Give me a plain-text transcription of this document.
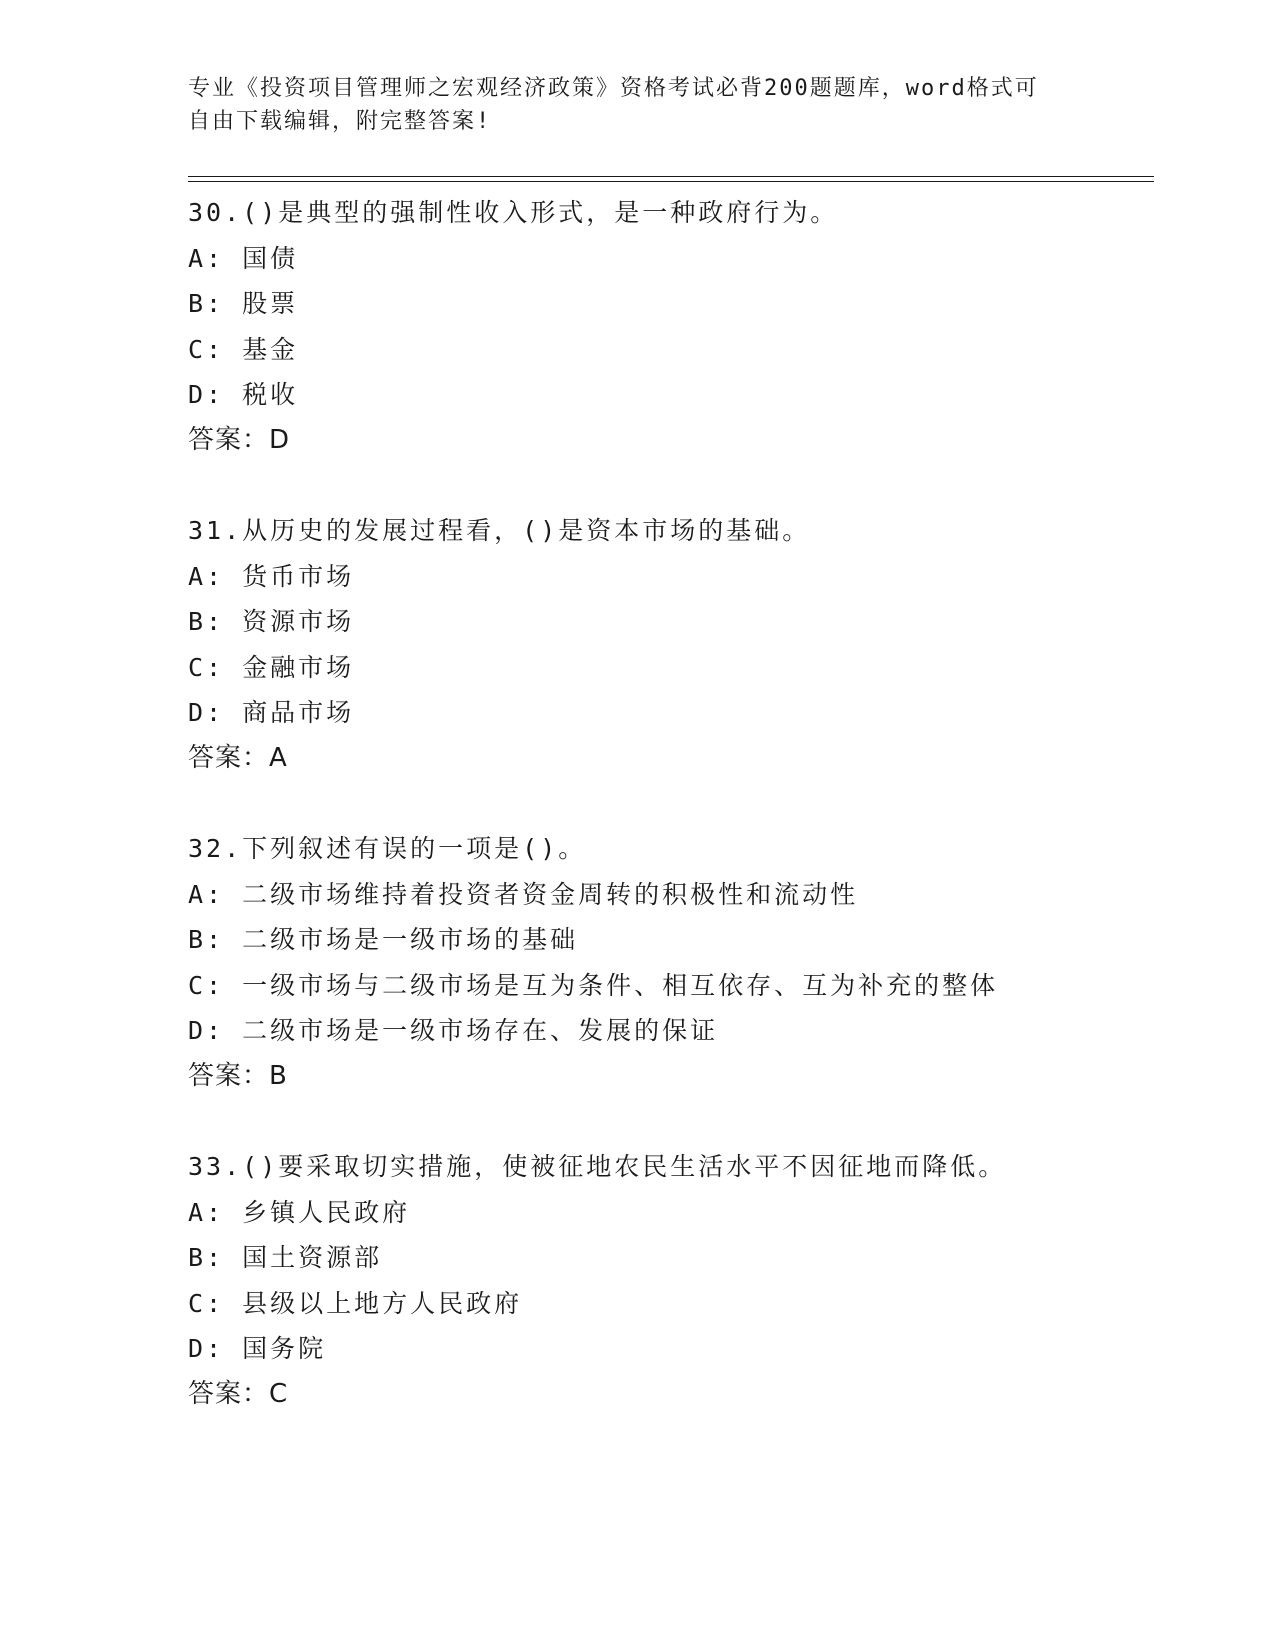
专业《投资项目管理师之宏观经济政策》资格考试必背200题题库，word格式可
自由下载编辑，附完整答案!
30.()是典型的强制性收入形式，是一种政府行为。
A: 国债
B: 股票
C: 基金
D: 税收
答案：D
31.从历史的发展过程看，()是资本市场的基础。
A: 货币市场
B: 资源市场
C: 金融市场
D: 商品市场
答案：A
32.下列叙述有误的一项是()。
A: 二级市场维持着投资者资金周转的积极性和流动性
B: 二级市场是一级市场的基础
C: 一级市场与二级市场是互为条件、相互依存、互为补充的整体
D: 二级市场是一级市场存在、发展的保证
答案：B
33.()要采取切实措施，使被征地农民生活水平不因征地而降低。
A: 乡镇人民政府
B: 国土资源部
C: 县级以上地方人民政府
D: 国务院
答案：C
